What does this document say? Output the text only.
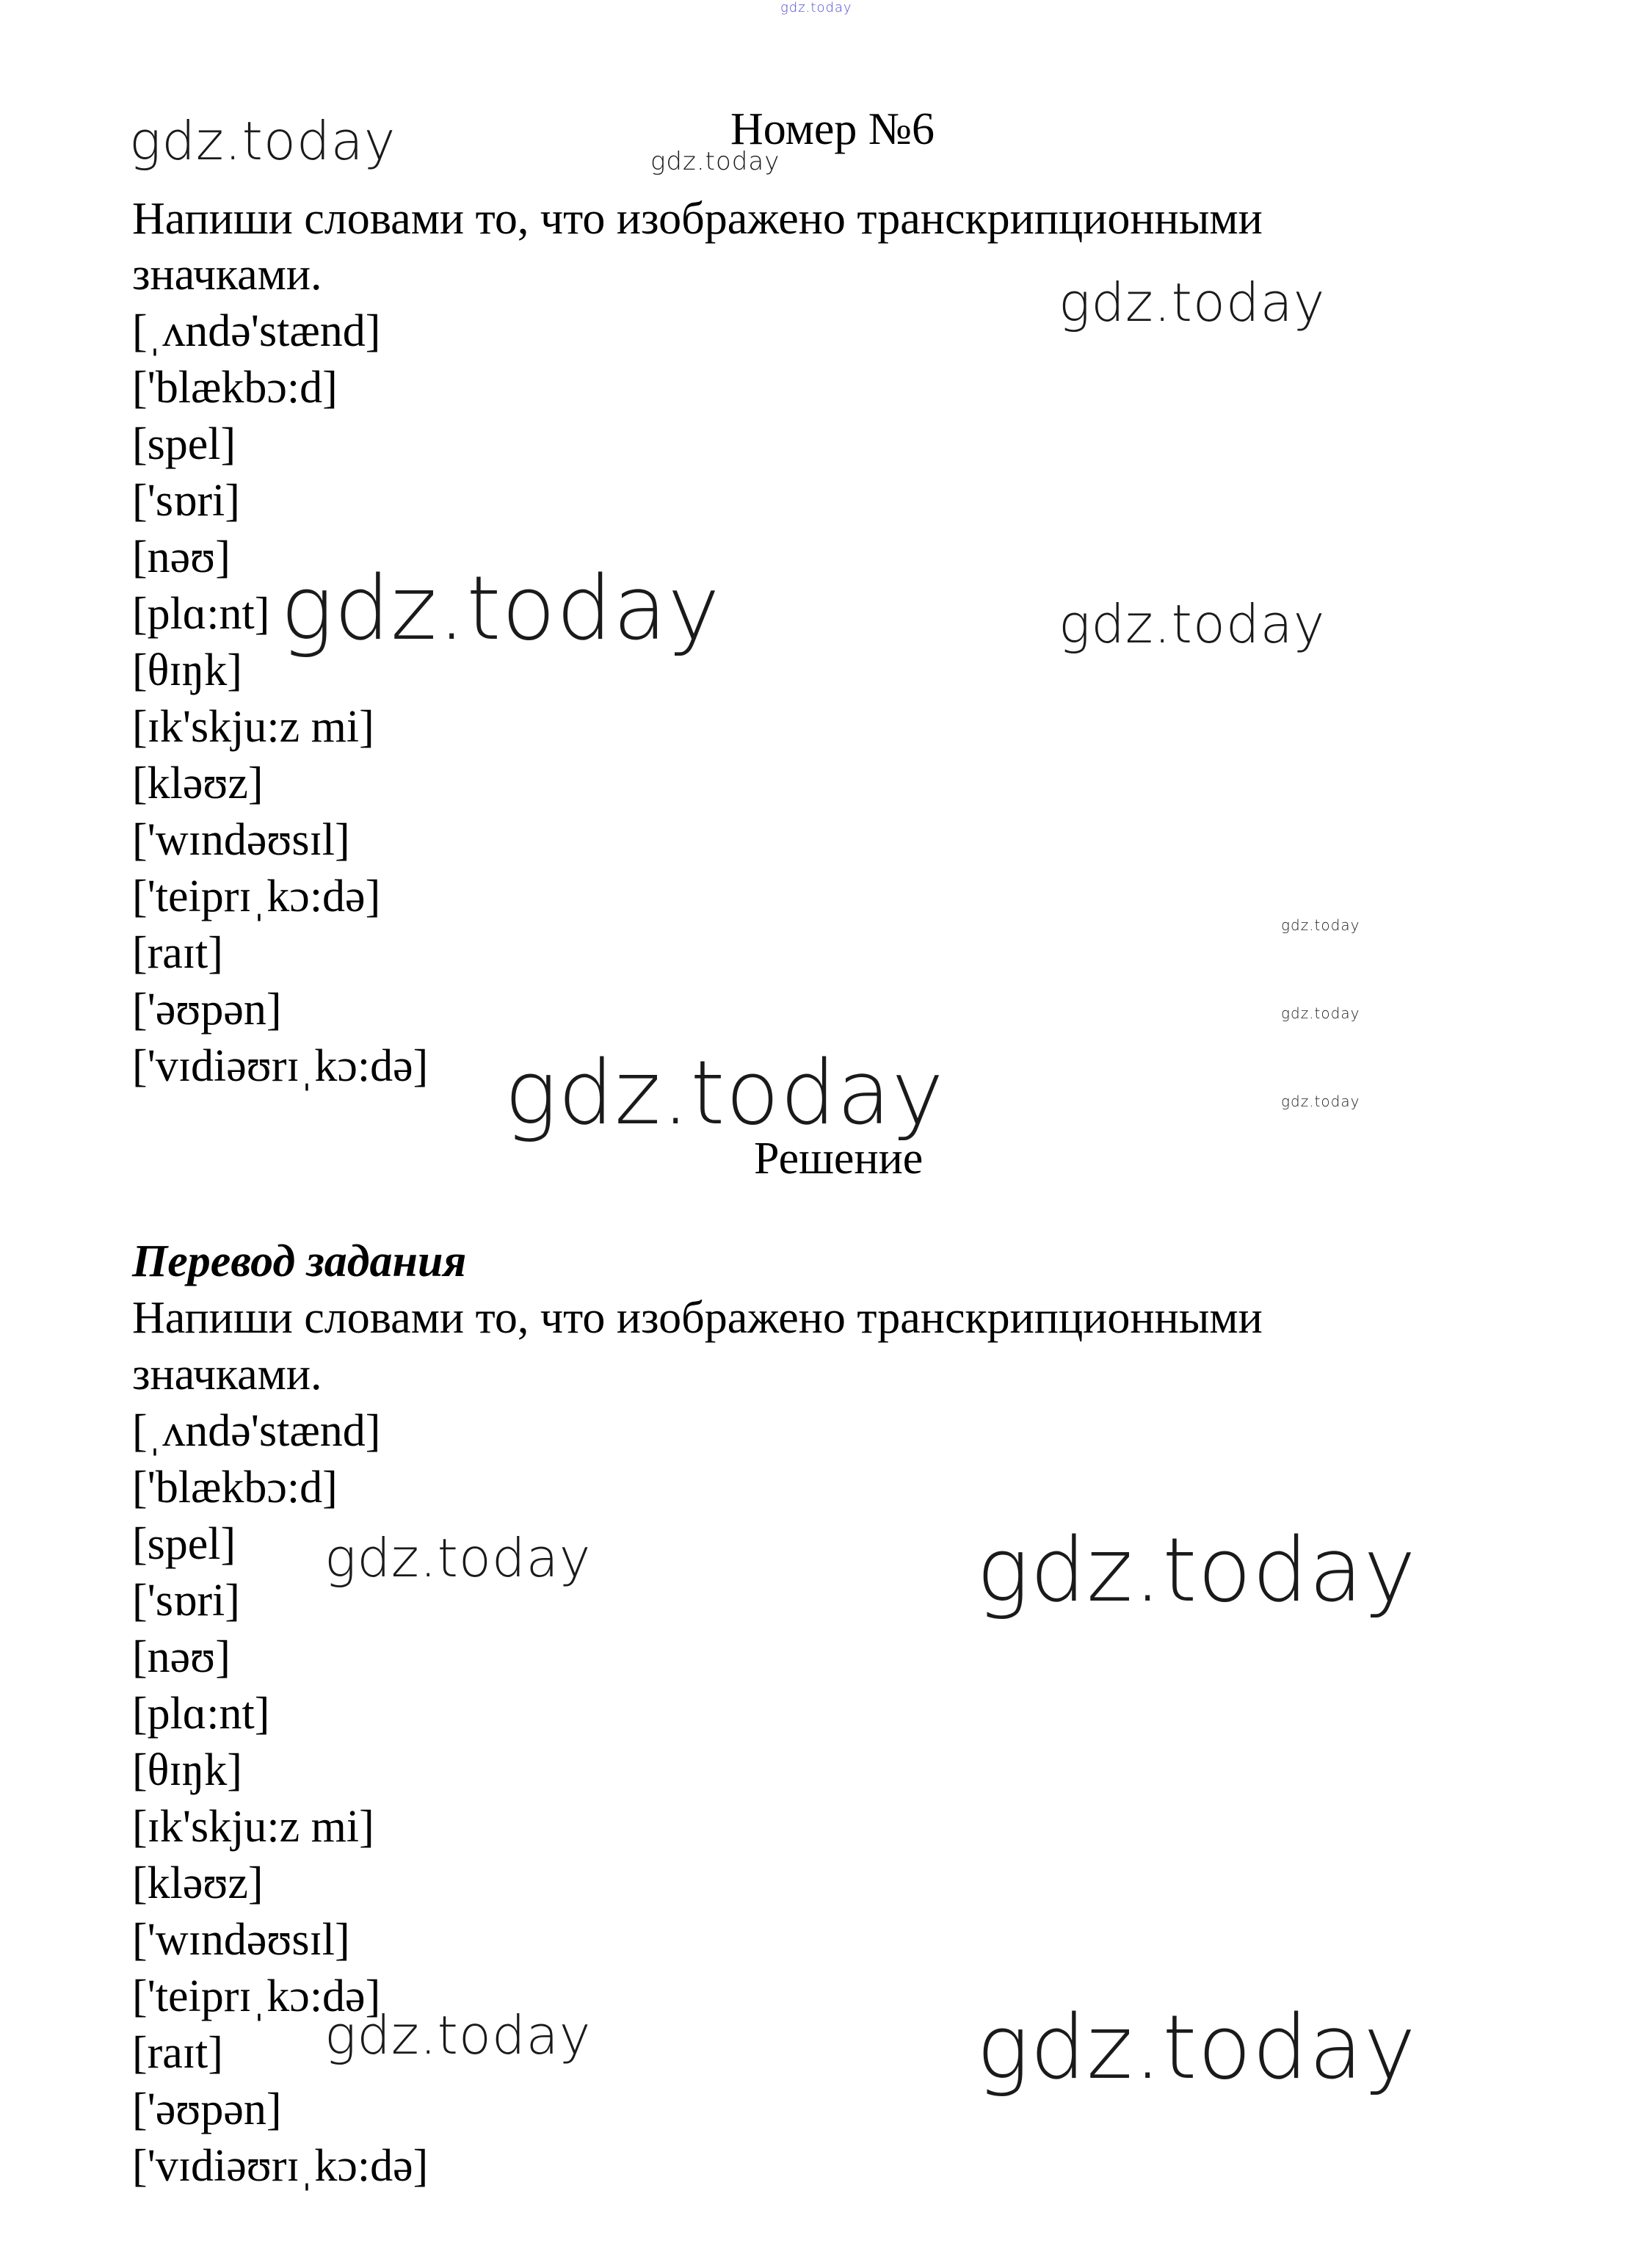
gdz.today
gdz.today	gdz.today
gdz.today
gdz.today	gdz.today
gdz.today
gdz.today
gdz.today	gdz.today
gdz.today	gdz.today
gdz.today	gdz.today
Номер №6
Напиши словами то, что изображено транскрипционными
значками.
[ˌʌndə'stænd]
['blækbɔ:d]
[spel]
['sɒri]
[nəʊ]
[plɑ:nt]
[θɪŋk]
[ɪk'skju:z mi]
[kləʊz]
['wɪndəʊsɪl]
['teiprɪˌkɔ:də]
[raɪt]
['əʊpən]
['vɪdiəʊrɪˌkɔ:də]
Решение
Перевод задания
Напиши словами то, что изображено транскрипционными
значками.
[ˌʌndə'stænd]
['blækbɔ:d]
[spel]
['sɒri]
[nəʊ]
[plɑ:nt]
[θɪŋk]
[ɪk'skju:z mi]
[kləʊz]
['wɪndəʊsɪl]
['teiprɪˌkɔ:də]
[raɪt]
['əʊpən]
['vɪdiəʊrɪˌkɔ:də]
